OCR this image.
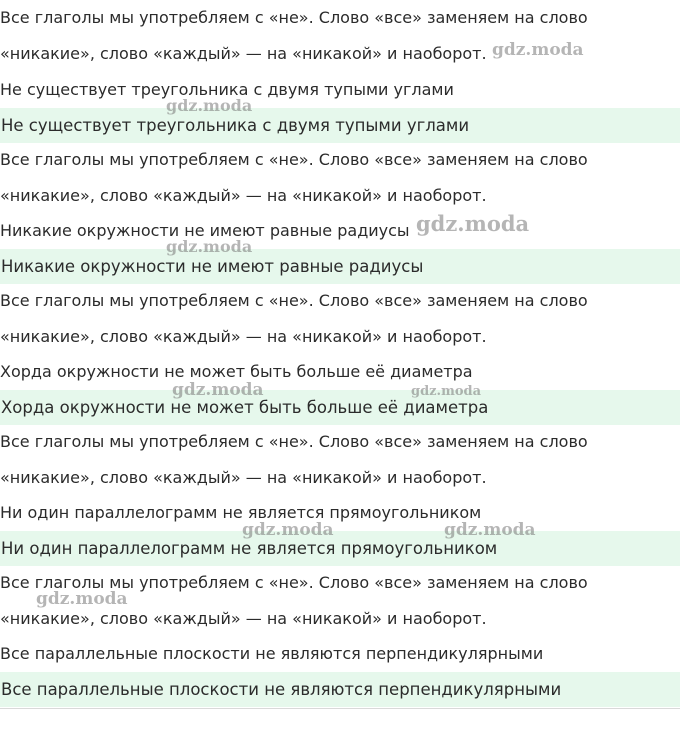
Все глаголы мы употребляем с «не». Слово «все» заменяем на слово
«никакие», слово «каждый» — на «никакой» и наоборот.
Не существует треугольника с двумя тупыми углами
Не существует треугольника с двумя тупыми углами
Все глаголы мы употребляем с «не». Слово «все» заменяем на слово
«никакие», слово «каждый» — на «никакой» и наоборот.
Никакие окружности не имеют равные радиусы
Никакие окружности не имеют равные радиусы
Все глаголы мы употребляем с «не». Слово «все» заменяем на слово
«никакие», слово «каждый» — на «никакой» и наоборот.
Хорда окружности не может быть больше её диаметра
Хорда окружности не может быть больше её диаметра
Все глаголы мы употребляем с «не». Слово «все» заменяем на слово
«никакие», слово «каждый» — на «никакой» и наоборот.
Ни один параллелограмм не является прямоугольником
Ни один параллелограмм не является прямоугольником
Все глаголы мы употребляем с «не». Слово «все» заменяем на слово
«никакие», слово «каждый» — на «никакой» и наоборот.
Все параллельные плоскости не являются перпендикулярными
Все параллельные плоскости не являются перпендикулярными
gdz.moda
gdz.moda
gdz.moda
gdz.moda
gdz.moda	gdz.moda
gdz.moda	gdz.moda
gdz.moda
